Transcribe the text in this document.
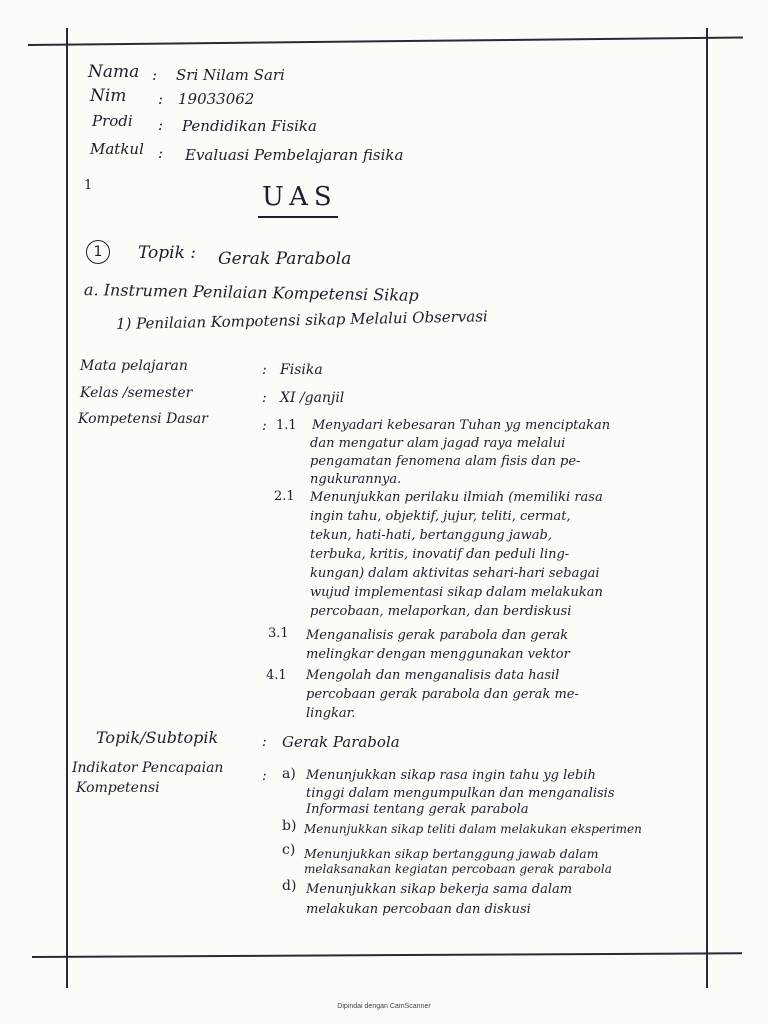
Nama : Sri Nilam Sari
Nim : 19033062
Prodi : Pendidikan Fisika
Matkul : Evaluasi Pembelajaran fisika
1	UAS
1	Topik : Gerak Parabola
a. Instrumen Penilaian Kompetensi Sikap
1) Penilaian Kompotensi sikap Melalui Observasi
Mata pelajaran	: Fisika
Kelas /semester	: XI /ganjil
Kompetensi Dasar	: 1.1 Menyadari kebesaran Tuhan yg menciptakan
dan mengatur alam jagad raya melalui
pengamatan fenomena alam fisis dan pe-
ngukurannya.
2.1 Menunjukkan perilaku ilmiah (memiliki rasa
ingin tahu, objektif, jujur, teliti, cermat,
tekun, hati-hati, bertanggung jawab,
terbuka, kritis, inovatif dan peduli ling-
kungan) dalam aktivitas sehari-hari sebagai
wujud implementasi sikap dalam melakukan
percobaan, melaporkan, dan berdiskusi
3.1 Menganalisis gerak parabola dan gerak
melingkar dengan menggunakan vektor
4.1 Mengolah dan menganalisis data hasil
percobaan gerak parabola dan gerak me-
lingkar.
Topik/Subtopik	: Gerak Parabola
Indikator Pencapaian
Kompetensi
: a) Menunjukkan sikap rasa ingin tahu yg lebih
tinggi dalam mengumpulkan dan menganalisis
Informasi tentang gerak parabola
b) Menunjukkan sikap teliti dalam melakukan eksperimen
c) Menunjukkan sikap bertanggung jawab dalam
melaksanakan kegiatan percobaan gerak parabola
d) Menunjukkan sikap bekerja sama dalam
melakukan percobaan dan diskusi
Dipindai dengan CamScanner
